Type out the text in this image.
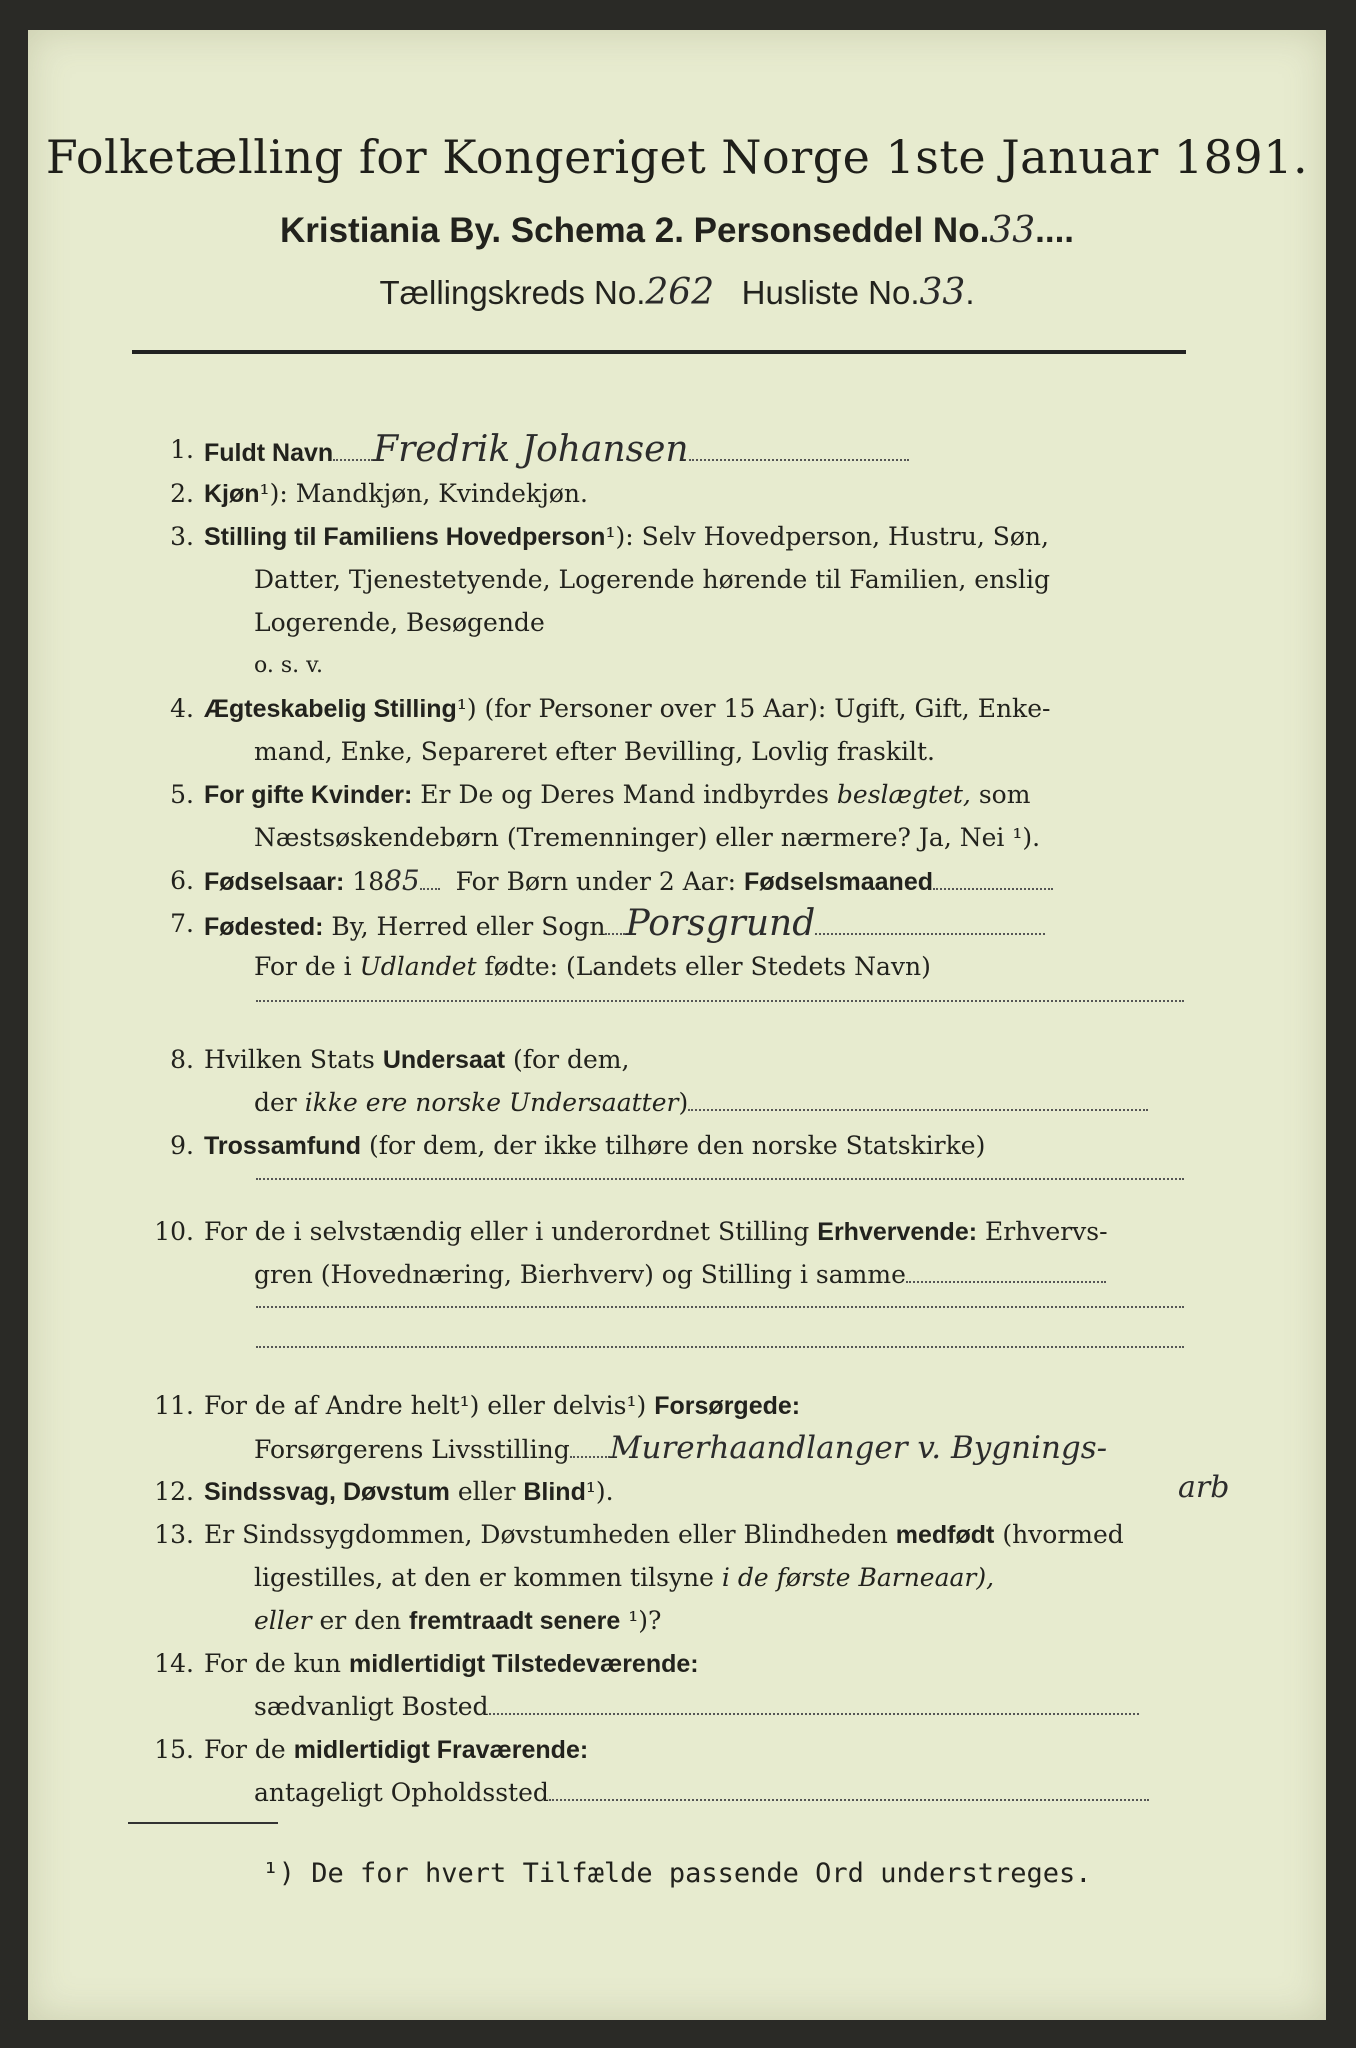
Folketælling for Kongeriget Norge 1ste Januar 1891.
Kristiania By. Schema 2. Personseddel No.33....
Tællingskreds No.262 Husliste No.33.
1. Fuldt Navn Fredrik Johansen
2. Kjøn¹): Mandkjøn, Kvindekjøn.
3. Stilling til Familiens Hovedperson¹): Selv Hovedperson, Hustru, Søn,
Datter, Tjenestetyende, Logerende hørende til Familien, enslig
Logerende, Besøgende
o. s. v.
4. Ægteskabelig Stilling¹) (for Personer over 15 Aar): Ugift, Gift, Enke-
mand, Enke, Separeret efter Bevilling, Lovlig fraskilt.
5. For gifte Kvinder: Er De og Deres Mand indbyrdes beslægtet, som
Næstsøskendebørn (Tremenninger) eller nærmere? Ja, Nei ¹).
6. Fødselsaar: 1885 For Børn under 2 Aar: Fødselsmaaned
7. Fødested: By, Herred eller Sogn Porsgrund
For de i Udlandet fødte: (Landets eller Stedets Navn)
8. Hvilken Stats Undersaat (for dem,
der ikke ere norske Undersaatter)
9. Trossamfund (for dem, der ikke tilhøre den norske Statskirke)
10. For de i selvstændig eller i underordnet Stilling Erhvervende: Erhvervs-
gren (Hovednæring, Bierhverv) og Stilling i samme
11. For de af Andre helt¹) eller delvis¹) Forsørgede:
Forsørgerens Livsstilling Murerhaandlanger v. Bygnings-
arb
12. Sindssvag, Døvstum eller Blind¹).
13. Er Sindssygdommen, Døvstumheden eller Blindheden medfødt (hvormed
ligestilles, at den er kommen tilsyne i de første Barneaar),
eller er den fremtraadt senere ¹)?
14. For de kun midlertidigt Tilstedeværende:
sædvanligt Bosted
15. For de midlertidigt Fraværende:
antageligt Opholdssted
¹) De for hvert Tilfælde passende Ord understreges.
